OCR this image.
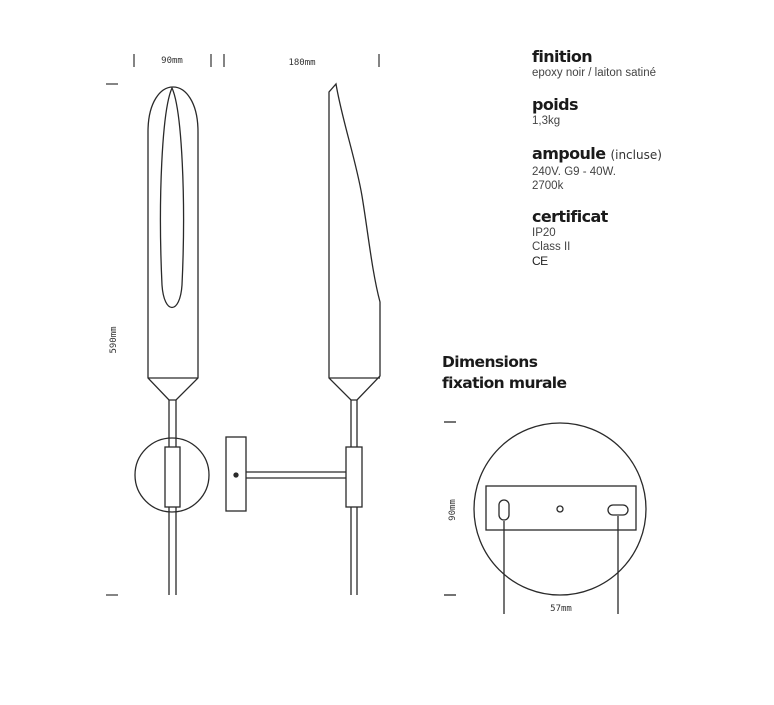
90mm	180mm
590mm
90mm
57mm
finition
epoxy noir / laiton satiné
poids
1,3kg
ampoule (incluse)
240V. G9 - 40W.
2700k
certificat
IP20
Class II
CE
Dimensions
fixation murale
